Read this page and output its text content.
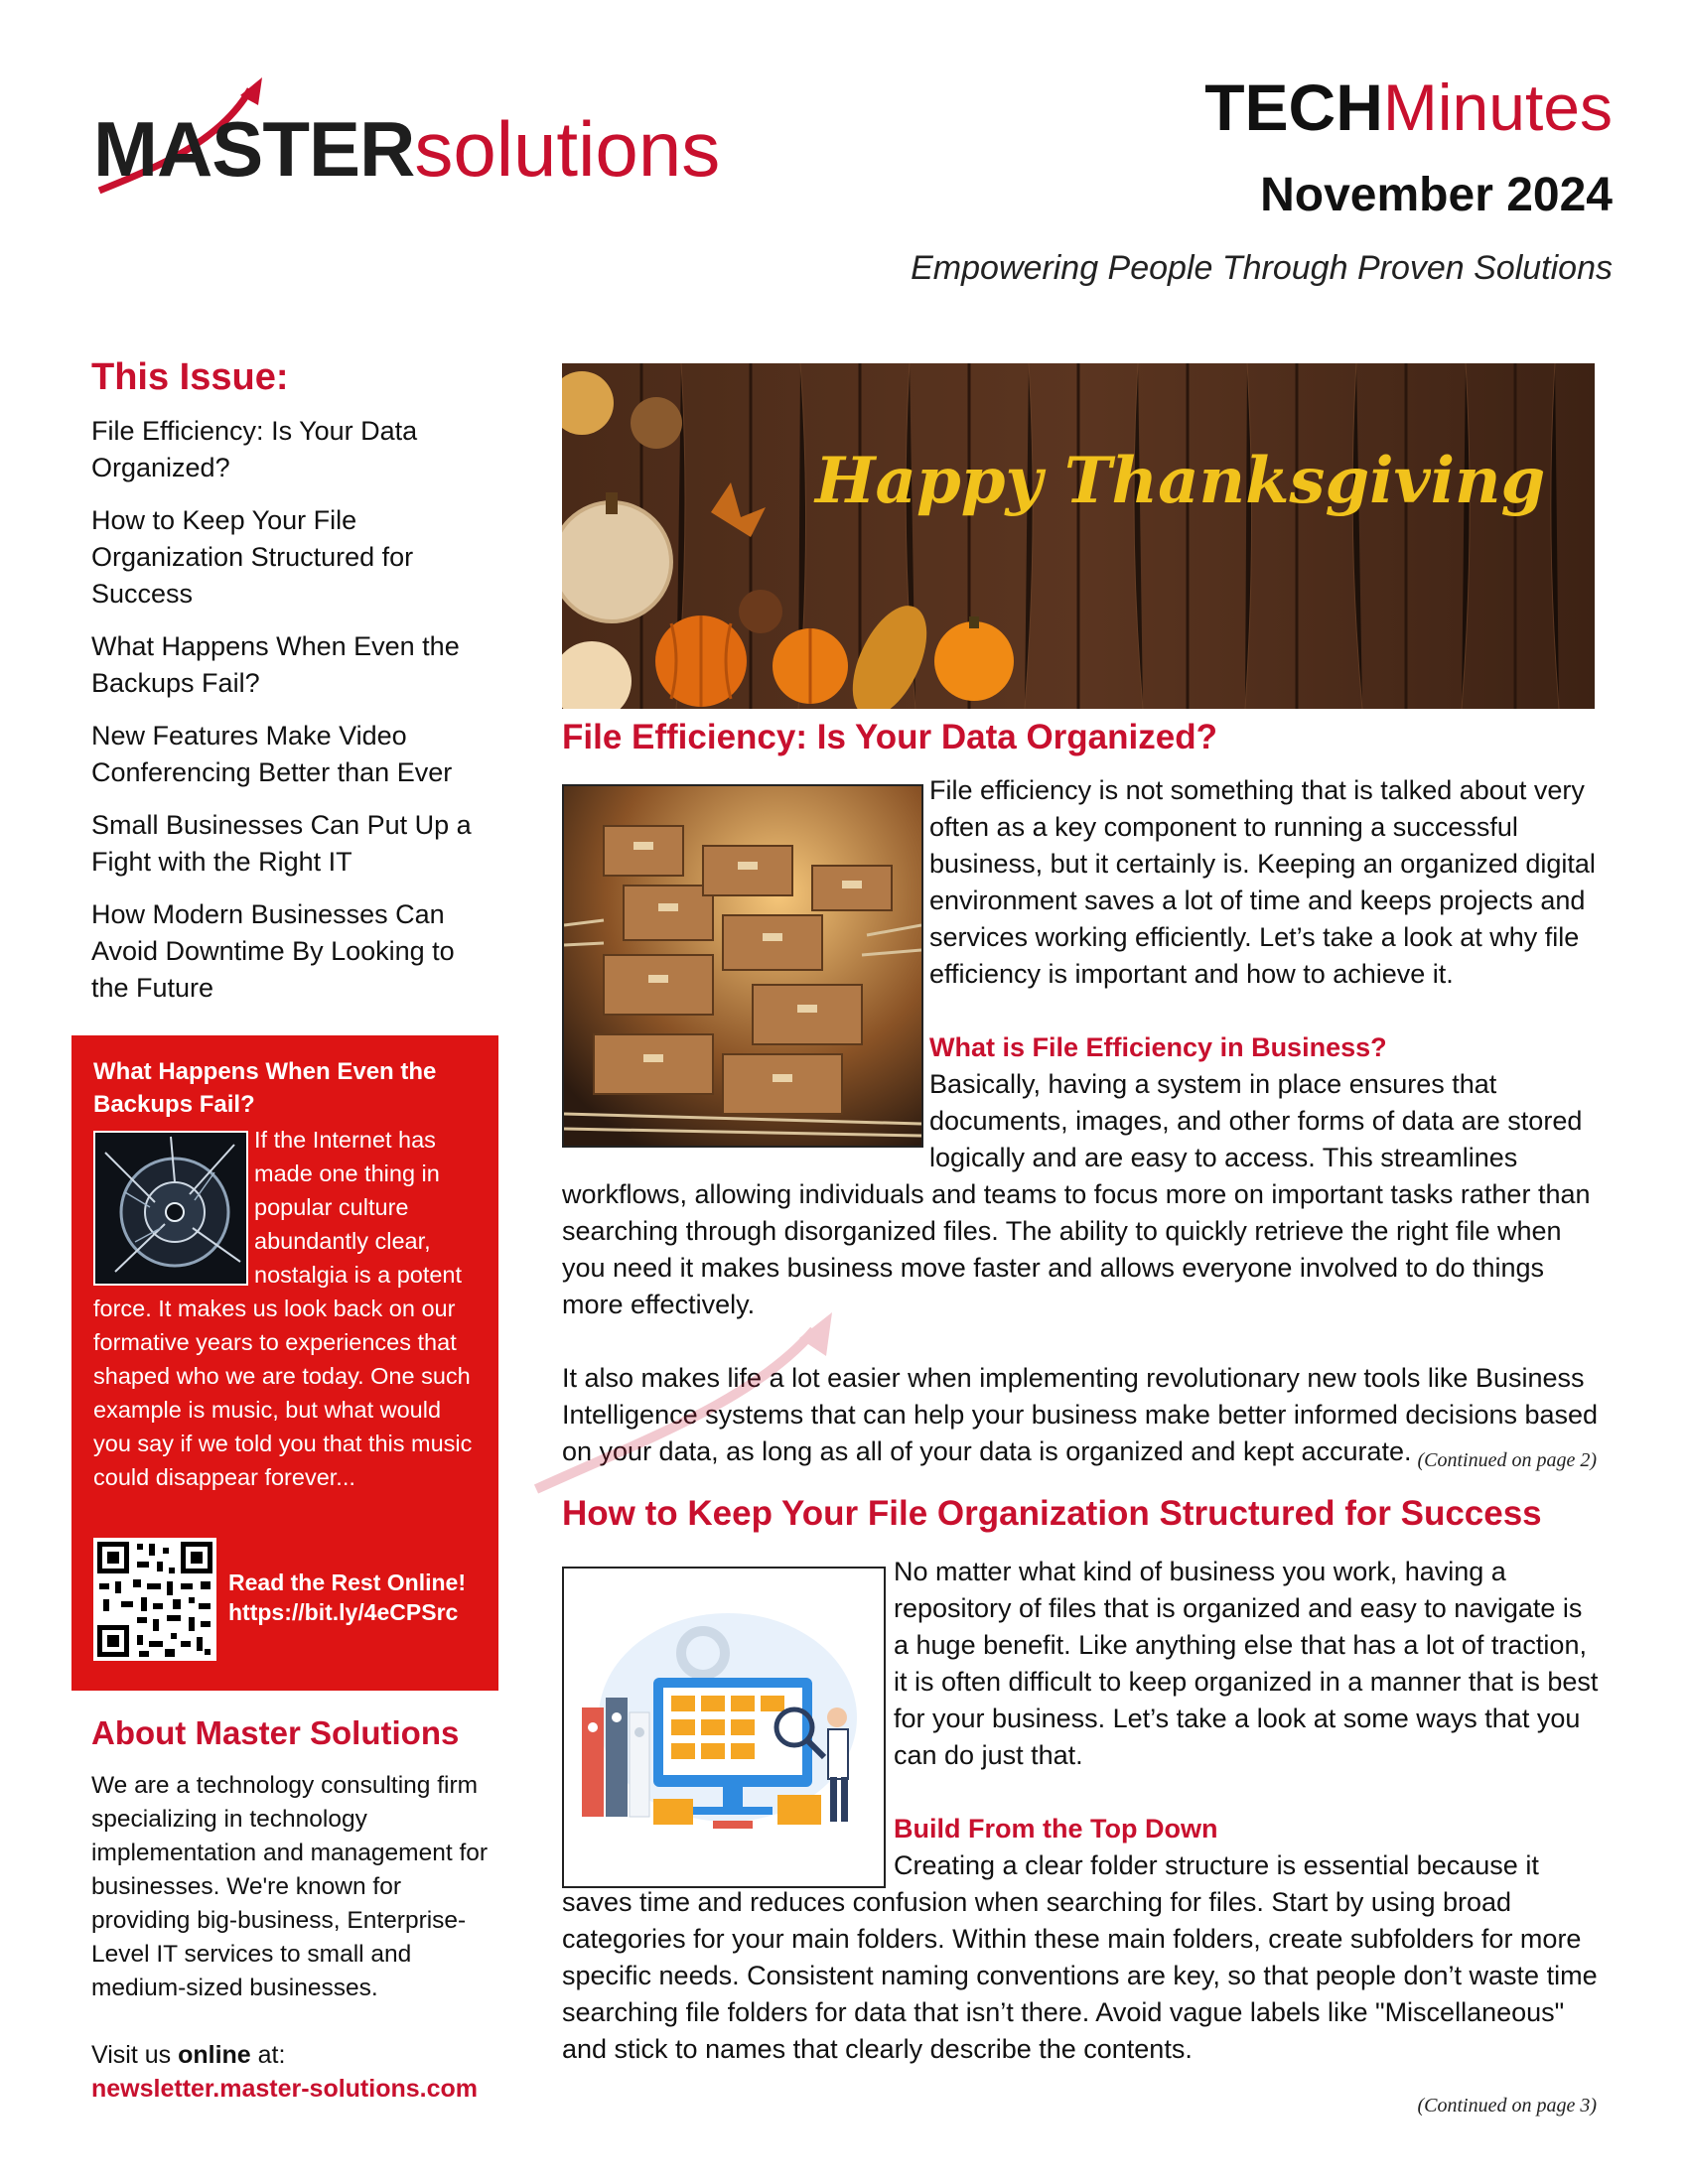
MASTERsolutions	TECHMinutes
November 2024
Empowering People Through Proven Solutions
This Issue:
File Efficiency: Is Your Data Organized?
How to Keep Your File Organization Structured for Success
What Happens When Even the Backups Fail?
New Features Make Video Conferencing Better than Ever
Small Businesses Can Put Up a Fight with the Right IT
How Modern Businesses Can Avoid Downtime By Looking to the Future
What Happens When Even the Backups Fail?
If the Internet has made one thing in popular culture abundantly clear, nostalgia is a potent force. It makes us look back on our formative years to experiences that shaped who we are today. One such example is music, but what would you say if we told you that this music could disappear forever...
Read the Rest Online!
https://bit.ly/4eCPSrc
About Master Solutions
We are a technology consulting firm specializing in technology implementation and management for businesses. We're known for providing big-business, Enterprise-Level IT services to small and medium-sized businesses.
Visit us online at:
newsletter.master-solutions.com
Happy Thanksgiving
File Efficiency: Is Your Data Organized?

File efficiency is not something that is talked about very often as a key component to running a successful business, but it certainly is. Keeping an organized digital environment saves a lot of time and keeps projects and services working efficiently. Let’s take a look at why file efficiency is important and how to achieve it.

What is File Efficiency in Business?

Basically, having a system in place ensures that documents, images, and other forms of data are stored logically and are easy to access. This streamlines workflows, allowing individuals and teams to focus more on important tasks rather than searching through disorganized files. The ability to quickly retrieve the right file when you need it makes business move faster and allows everyone involved to do things more effectively.

It also makes life a lot easier when implementing revolutionary new tools like Business Intelligence systems that can help your business make better informed decisions based on your data, as long as all of your data is organized and kept accurate. (Continued on page 2)
How to Keep Your File Organization Structured for Success

No matter what kind of business you work, having a repository of files that is organized and easy to navigate is a huge benefit. Like anything else that has a lot of traction, it is often difficult to keep organized in a manner that is best for your business. Let’s take a look at some ways that you can do just that.

Build From the Top Down

Creating a clear folder structure is essential because it saves time and reduces confusion when searching for files. Start by using broad categories for your main folders. Within these main folders, create subfolders for more specific needs. Consistent naming conventions are key, so that people don’t waste time searching file folders for data that isn’t there. Avoid vague labels like "Miscellaneous" and stick to names that clearly describe the contents.

(Continued on page 3)
